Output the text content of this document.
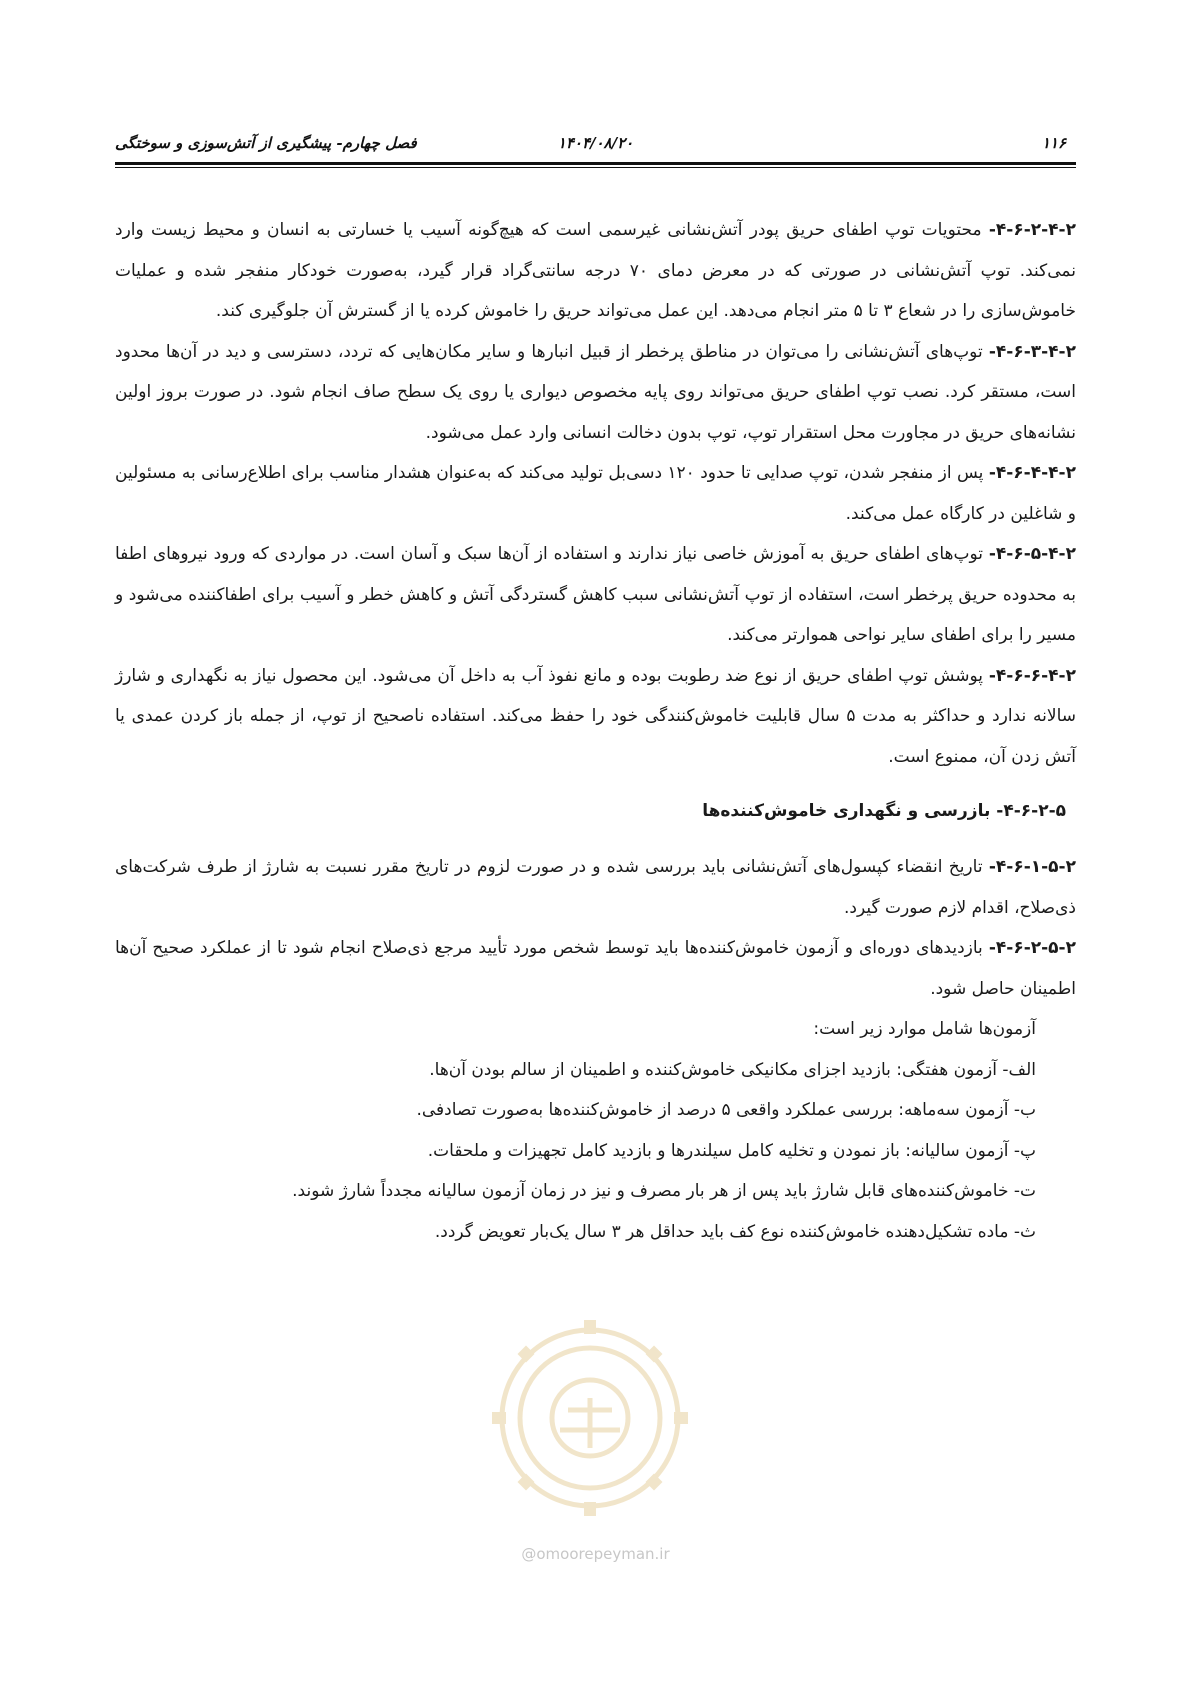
۱۱۶
۱۴۰۴/۰۸/۲۰
فصل چهارم- پیشگیری از آتش‌سوزی و سوختگی

۴-۶-۲-۴-۲- محتویات توپ اطفای حریق پودر آتش‌نشانی غیرسمی است که هیچ‌گونه آسیب یا خسارتی به انسان و محیط زیست وارد نمی‌کند. توپ آتش‌نشانی در صورتی که در معرض دمای ۷۰ درجه سانتی‌گراد قرار گیرد، به‌صورت خودکار منفجر شده و عملیات خاموش‌سازی را در شعاع ۳ تا ۵ متر انجام می‌دهد. این عمل می‌تواند حریق را خاموش کرده یا از گسترش آن جلوگیری کند.

۴-۶-۳-۴-۲- توپ‌های آتش‌نشانی را می‌توان در مناطق پرخطر از قبیل انبارها و سایر مکان‌هایی که تردد، دسترسی و دید در آن‌ها محدود است، مستقر کرد. نصب توپ اطفای حریق می‌تواند روی پایه مخصوص دیواری یا روی یک سطح صاف انجام شود. در صورت بروز اولین نشانه‌های حریق در مجاورت محل استقرار توپ، توپ بدون دخالت انسانی وارد عمل می‌شود.

۴-۶-۴-۴-۲- پس از منفجر شدن، توپ صدایی تا حدود ۱۲۰ دسی‌بل تولید می‌کند که به‌عنوان هشدار مناسب برای اطلاع‌رسانی به مسئولین و شاغلین در کارگاه عمل می‌کند.

۴-۶-۵-۴-۲- توپ‌های اطفای حریق به آموزش خاصی نیاز ندارند و استفاده از آن‌ها سبک و آسان است. در مواردی که ورود نیروهای اطفا به محدوده حریق پرخطر است، استفاده از توپ آتش‌نشانی سبب کاهش گستردگی آتش و کاهش خطر و آسیب برای اطفاکننده می‌شود و مسیر را برای اطفای سایر نواحی هموارتر می‌کند.

۴-۶-۶-۴-۲- پوشش توپ اطفای حریق از نوع ضد رطوبت بوده و مانع نفوذ آب به داخل آن می‌شود. این محصول نیاز به نگهداری و شارژ سالانه ندارد و حداکثر به مدت ۵ سال قابلیت خاموش‌کنندگی خود را حفظ می‌کند. استفاده ناصحیح از توپ، از جمله باز کردن عمدی یا آتش زدن آن، ممنوع است.

۴-۶-۲-۵- بازرسی و نگهداری خاموش‌کننده‌ها

۴-۶-۱-۵-۲- تاریخ انقضاء کپسول‌های آتش‌نشانی باید بررسی شده و در صورت لزوم در تاریخ مقرر نسبت به شارژ از طرف شرکت‌های ذی‌صلاح، اقدام لازم صورت گیرد.

۴-۶-۲-۵-۲- بازدیدهای دوره‌ای و آزمون خاموش‌کننده‌ها باید توسط شخص مورد تأیید مرجع ذی‌صلاح انجام شود تا از عملکرد صحیح آن‌ها اطمینان حاصل شود.

آزمون‌ها شامل موارد زیر است:
الف- آزمون هفتگی: بازدید اجزای مکانیکی خاموش‌کننده و اطمینان از سالم بودن آن‌ها.
ب- آزمون سه‌ماهه: بررسی عملکرد واقعی ۵ درصد از خاموش‌کننده‌ها به‌صورت تصادفی.
پ- آزمون سالیانه: باز نمودن و تخلیه کامل سیلندرها و بازدید کامل تجهیزات و ملحقات.
ت- خاموش‌کننده‌های قابل شارژ باید پس از هر بار مصرف و نیز در زمان آزمون سالیانه مجدداً شارژ شوند.
ث- ماده تشکیل‌دهنده خاموش‌کننده نوع کف باید حداقل هر ۳ سال یک‌بار تعویض گردد.
@omoorepeyman.ir
